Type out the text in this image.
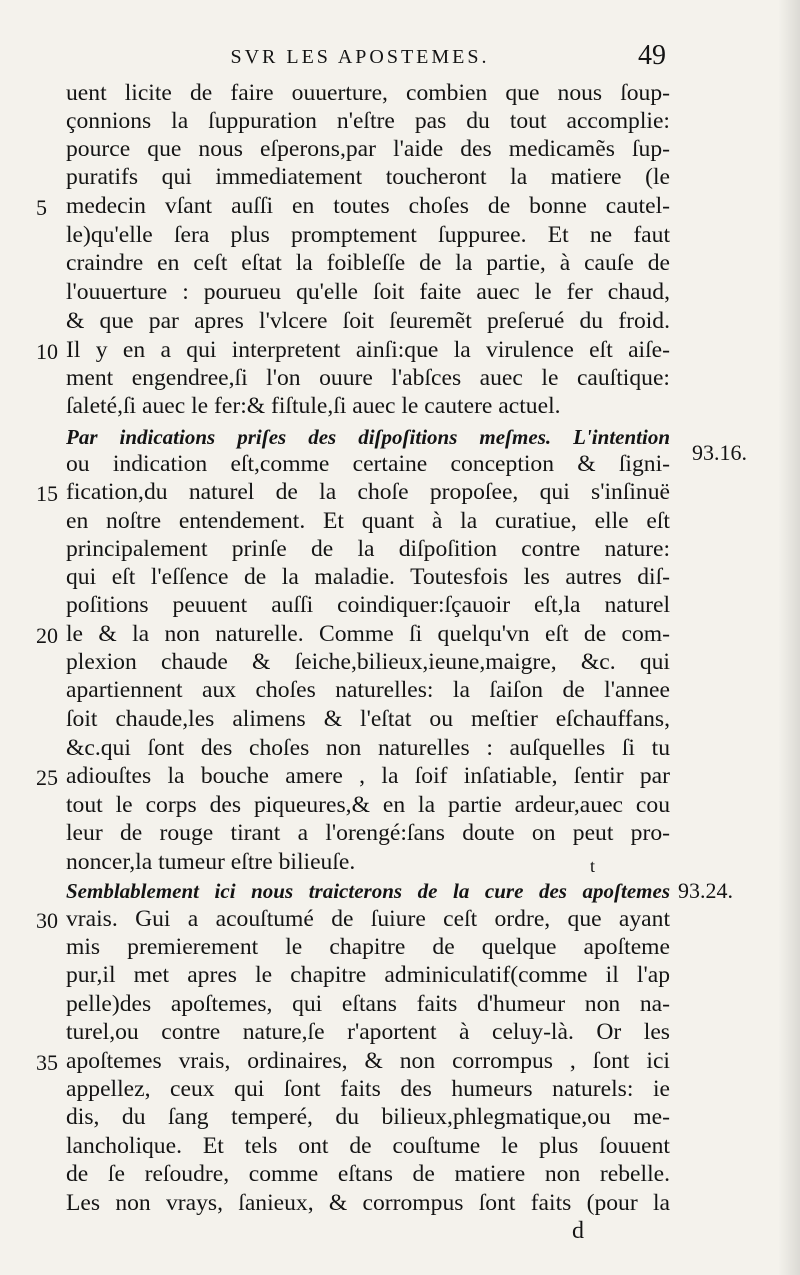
SVR LES APOSTEMES.	49
uent licite de faire ouuerture, combien que nous ſoup-
çonnions la ſuppuration n'eſtre pas du tout accomplie:
pource que nous eſperons,par l'aide des medicamẽs ſup-
puratifs qui immediatement toucheront la matiere (le
medecin vſant auſſi en toutes choſes de bonne cautel-
le)qu'elle ſera plus promptement ſuppuree. Et ne faut
craindre en ceſt eſtat la foibleſſe de la partie, à cauſe de
l'ouuerture : pourueu qu'elle ſoit faite auec le fer chaud,
& que par apres l'vlcere ſoit ſeuremẽt preſerué du froid.
Il y en a qui interpretent ainſi:que la virulence eſt aiſe-
ment engendree,ſi l'on ouure l'abſces auec le cauſtique:
ſaleté,ſi auec le fer:& fiſtule,ſi auec le cautere actuel.
Par indications priſes des diſpoſitions meſmes. L'intention
ou indication eſt,comme certaine conception & ſigni-
fication,du naturel de la choſe propoſee, qui s'inſinuë
en noſtre entendement. Et quant à la curatiue, elle eſt
principalement prinſe de la diſpoſition contre nature:
qui eſt l'eſſence de la maladie. Toutesfois les autres diſ-
poſitions peuuent auſſi coindiquer:ſçauoir eſt,la naturel
le & la non naturelle. Comme ſi quelqu'vn eſt de com-
plexion chaude & ſeiche,bilieux,ieune,maigre, &c. qui
apartiennent aux choſes naturelles: la ſaiſon de l'annee
ſoit chaude,les alimens & l'eſtat ou meſtier eſchauffans,
&c.qui ſont des choſes non naturelles : auſquelles ſi tu
adiouſtes la bouche amere , la ſoif inſatiable, ſentir par
tout le corps des piqueures,& en la partie ardeur,auec cou
leur de rouge tirant a l'orengé:ſans doute on peut pro-
noncer,la tumeur eſtre bilieuſe.
Semblablement ici nous traicterons de la cure des apoſtemes
vrais. Gui a acouſtumé de ſuiure ceſt ordre, que ayant
mis premierement le chapitre de quelque apoſteme
pur,il met apres le chapitre adminiculatif(comme il l'ap
pelle)des apoſtemes, qui eſtans faits d'humeur non na-
turel,ou contre nature,ſe r'aportent à celuy-là. Or les
apoſtemes vrais, ordinaires, & non corrompus , ſont ici
appellez, ceux qui ſont faits des humeurs naturels: ie
dis, du ſang temperé, du bilieux,phlegmatique,ou me-
lancholique. Et tels ont de couſtume le plus ſouuent
de ſe reſoudre, comme eſtans de matiere non rebelle.
Les non vrays, ſanieux, & corrompus ſont faits (pour la
5
10
15
20
25
30
35
93.16.
93.24.
t
d
